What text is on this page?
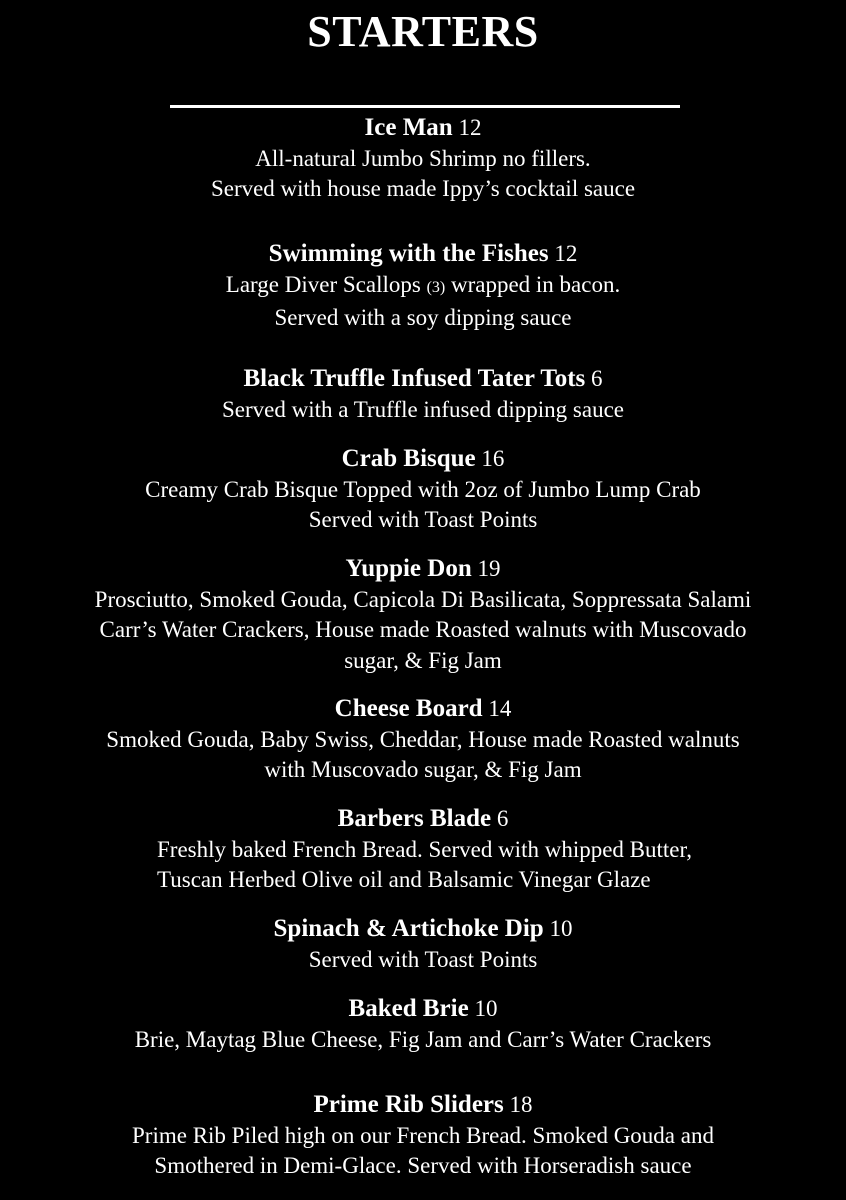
STARTERS
Ice Man 12
All-natural Jumbo Shrimp no fillers.
Served with house made Ippy’s cocktail sauce
Swimming with the Fishes 12
Large Diver Scallops (3) wrapped in bacon.
Served with a soy dipping sauce
Black Truffle Infused Tater Tots 6
Served with a Truffle infused dipping sauce
Crab Bisque 16
Creamy Crab Bisque Topped with 2oz of Jumbo Lump Crab
Served with Toast Points
Yuppie Don 19
Prosciutto, Smoked Gouda, Capicola Di Basilicata, Soppressata Salami
Carr’s Water Crackers, House made Roasted walnuts with Muscovado
sugar, & Fig Jam
Cheese Board 14
Smoked Gouda, Baby Swiss, Cheddar, House made Roasted walnuts
with Muscovado sugar, & Fig Jam
Barbers Blade 6
Freshly baked French Bread. Served with whipped Butter,
Tuscan Herbed Olive oil and Balsamic Vinegar Glaze
Spinach & Artichoke Dip 10
Served with Toast Points
Baked Brie 10
Brie, Maytag Blue Cheese, Fig Jam and Carr’s Water Crackers
Prime Rib Sliders 18
Prime Rib Piled high on our French Bread. Smoked Gouda and
Smothered in Demi-Glace. Served with Horseradish sauce
